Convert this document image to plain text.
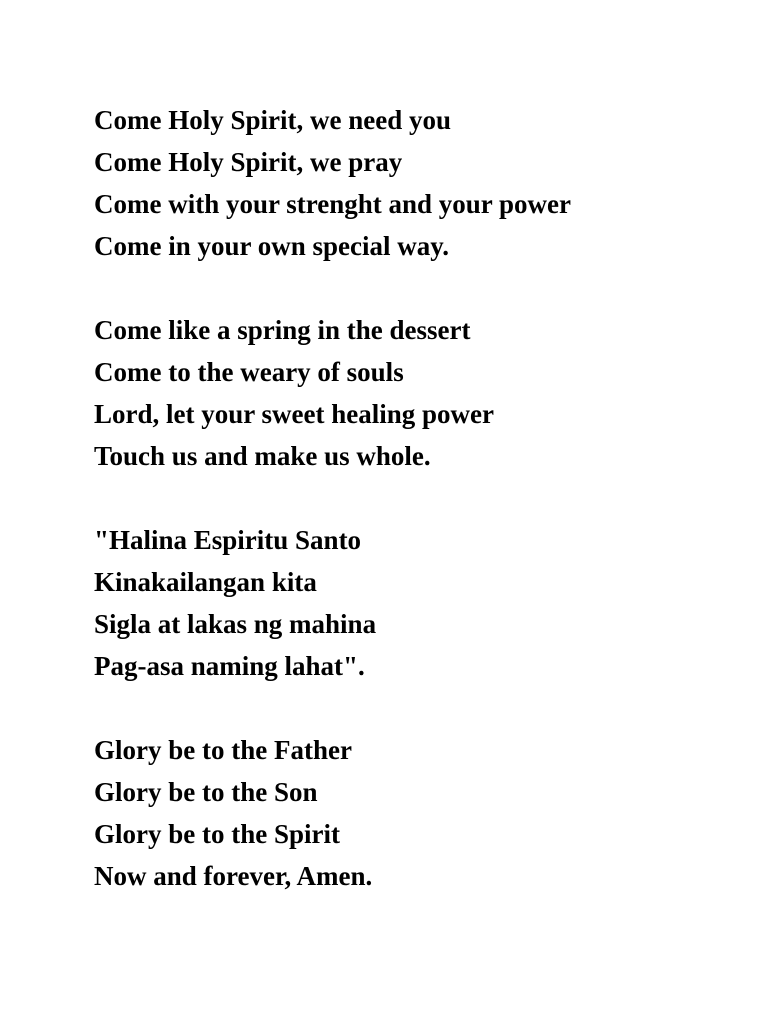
Come Holy Spirit, we need you
Come Holy Spirit, we pray
Come with your strenght and your power
Come in your own special way.
Come like a spring in the dessert
Come to the weary of souls
Lord, let your sweet healing power
Touch us and make us whole.
"Halina Espiritu Santo
Kinakailangan kita
Sigla at lakas ng mahina
Pag-asa naming lahat".
Glory be to the Father
Glory be to the Son
Glory be to the Spirit
Now and forever, Amen.
